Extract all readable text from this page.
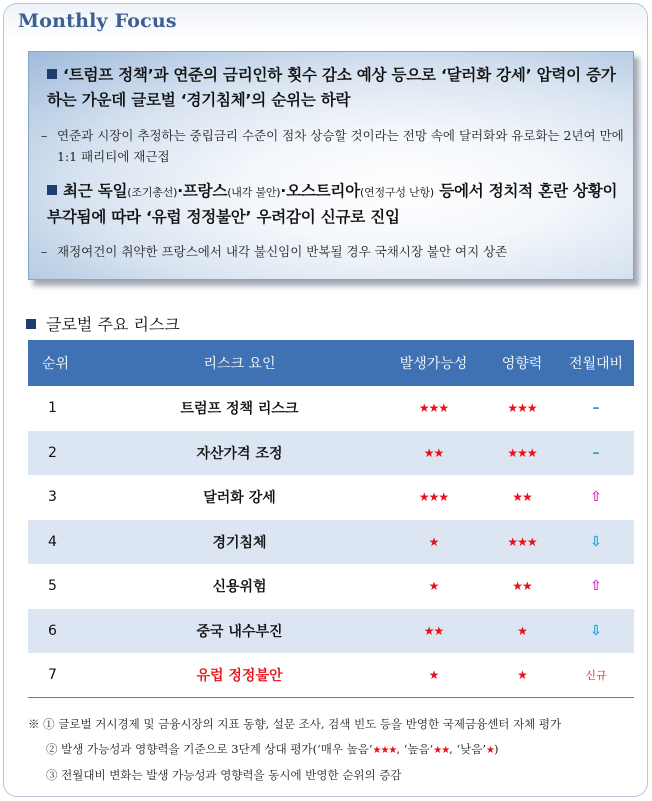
Monthly Focus
‘트럼프 정책’과 연준의 금리인하 횟수 감소 예상 등으로 ‘달러화 강세’ 압력이 증가하는 가운데 글로벌 ‘경기침체’의 순위는 하락
– 연준과 시장이 추정하는 중립금리 수준이 점차 상승할 것이라는 전망 속에 달러화와 유로화는 2년여 만에 1:1 패리티에 재근접
최근 독일(조기총선)·프랑스(내각 불안)·오스트리아(연정구성 난항) 등에서 정치적 혼란 상황이 부각됨에 따라 ‘유럽 정정불안’ 우려감이 신규로 진입
– 재정여건이 취약한 프랑스에서 내각 불신임이 반복될 경우 국채시장 불안 여지 상존
글로벌 주요 리스크
순위	리스크 요인	발생가능성	영향력	전월대비
1	트럼프 정책 리스크	★★★	★★★	–
2	자산가격 조정	★★	★★★	–
3	달러화 강세	★★★	★★	⇧
4	경기침체	★	★★★	⇩
5	신용위험	★	★★	⇧
6	중국 내수부진	★★	★	⇩
7	유럽 정정불안	★	★	신규
※ ① 글로벌 거시경제 및 금융시장의 지표 동향, 설문 조사, 검색 빈도 등을 반영한 국제금융센터 자체 평가
② 발생 가능성과 영향력을 기준으로 3단계 상대 평가(‘매우 높음’★★★, ‘높음’★★, ‘낮음’★)
③ 전월대비 변화는 발생 가능성과 영향력을 동시에 반영한 순위의 증감
